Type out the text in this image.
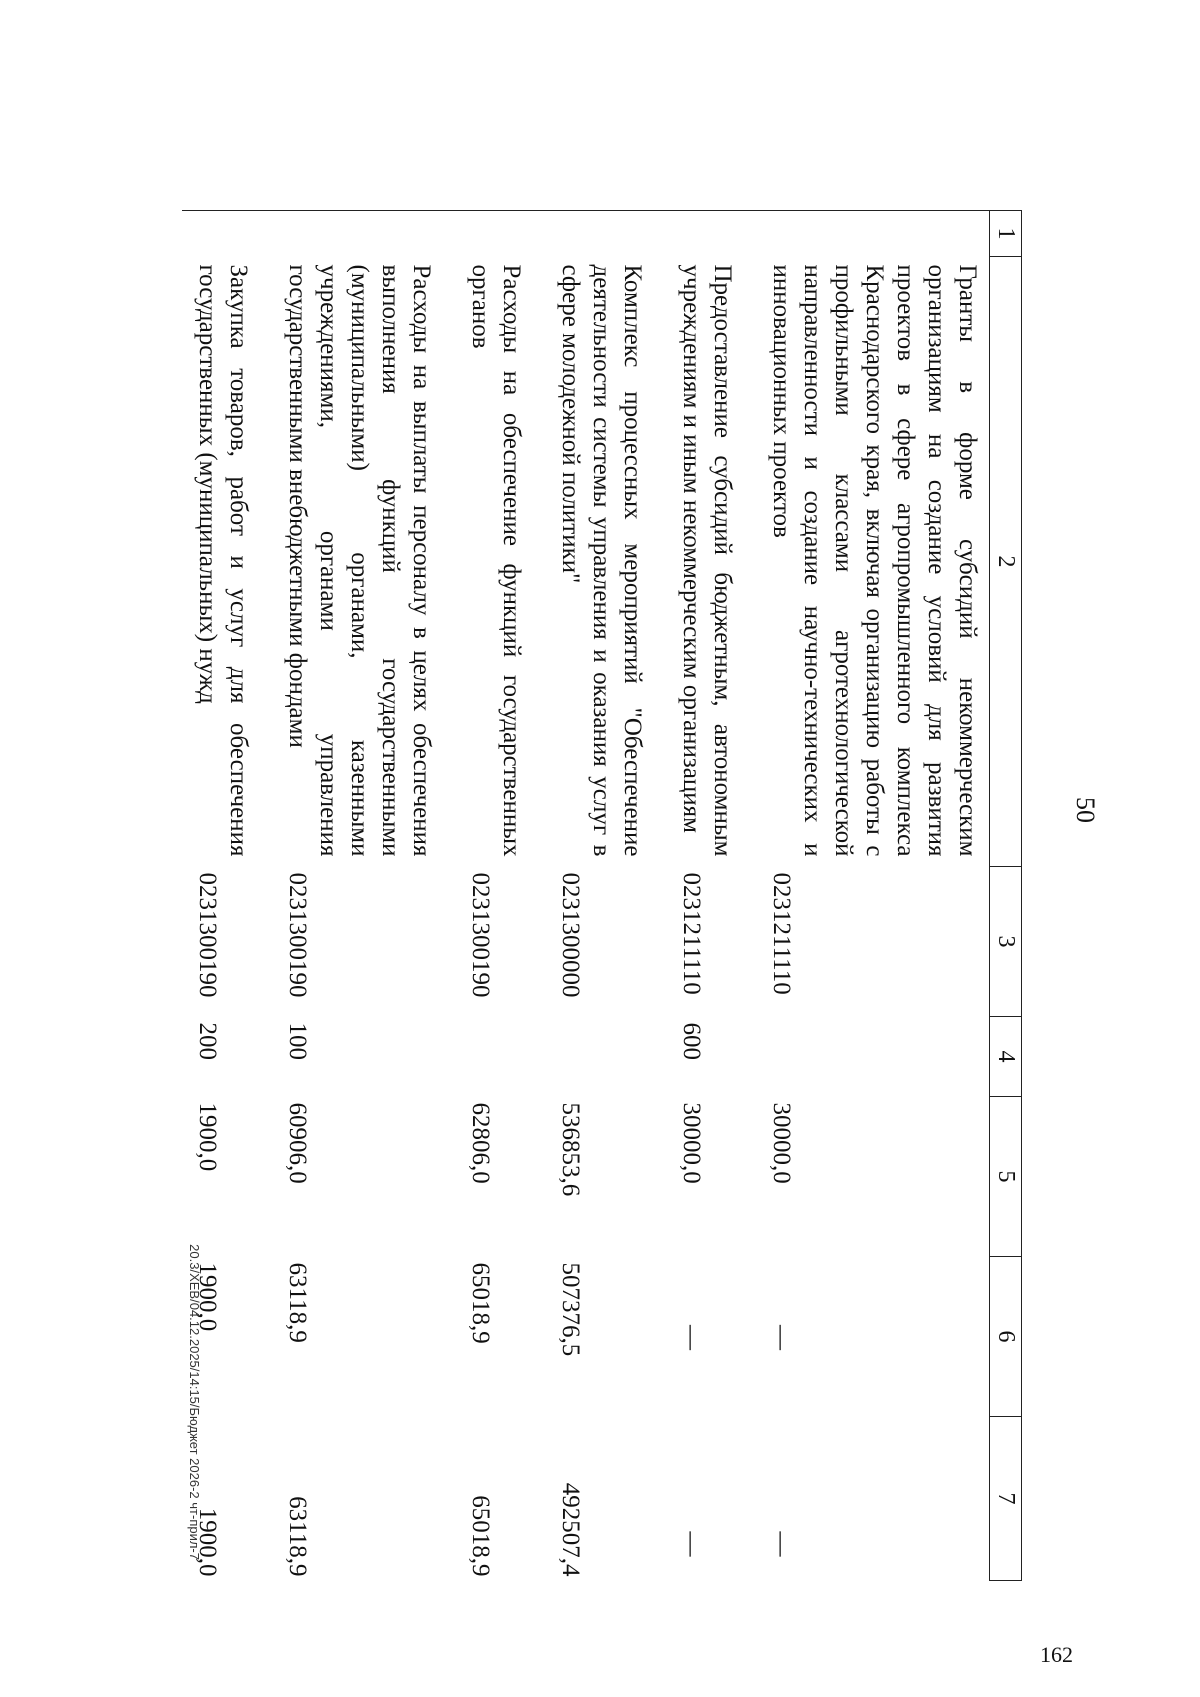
50
1	2	3	4	5	6	7
	Гранты в форме субсидий некоммерческим организациям на создание условий для развития проектов в сфере агропромышленного комплекса Краснодарского края, включая организацию работы с профильными классами агротехнологической направленности и создание научно-технических и инновационных проектов	0231211110		30000,0	—	—
	Предоставление субсидий бюджетным, автономным учреждениям и иным некоммерческим организациям	0231211110	600	30000,0	—	—
	Комплекс процессных мероприятий "Обеспечение деятельности системы управления и оказания услуг в сфере молодежной политики"	0231300000		536853,6	507376,5	492507,4
	Расходы на обеспечение функций государственных органов	0231300190		62806,0	65018,9	65018,9
	Расходы на выплаты персоналу в целях обеспечения выполнения функций государственными (муниципальными) органами, казенными учреждениями, органами управления государственными внебюджетными фондами	0231300190	100	60906,0	63118,9	63118,9
	Закупка товаров, работ и услуг для обеспечения государственных (муниципальных) нужд	0231300190	200	1900,0	1900,0	1900,0
20.3/ХЕВ/04.12.2025/14:15/Бюджет 2026-2 чт-прил-7
162
